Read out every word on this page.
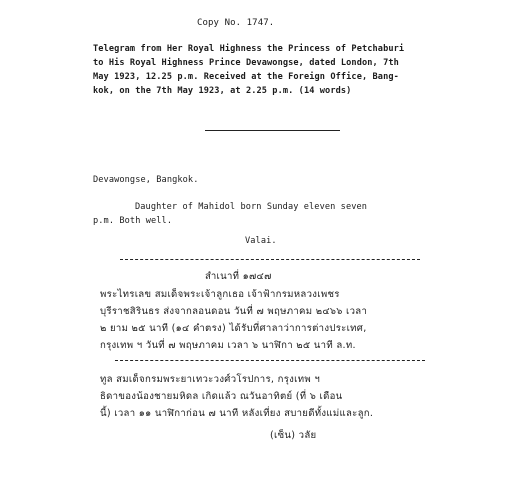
Copy No. 1747.
Telegram from Her Royal Highness the Princess of Petchaburi
to His Royal Highness Prince Devawongse, dated London, 7th
May 1923, 12.25 p.m. Received at the Foreign Office, Bang-
kok, on the 7th May 1923, at 2.25 p.m. (14 words)
Devawongse, Bangkok.
Daughter of Mahidol born Sunday eleven seven
p.m. Both well.
Valai.
สำเนาที่ ๑๗๔๗
พระไทรเลข สมเด็จพระเจ้าลูกเธอ เจ้าฟ้ากรมหลวงเพชร
บุรีราชสิรินธร ส่งจากลอนดอน วันที่ ๗ พฤษภาคม ๒๔๖๖ เวลา
๒ ยาม ๒๕ นาที (๑๔ คำตรง) ได้รับที่ศาลาว่าการต่างประเทศ,
กรุงเทพ ฯ วันที่ ๗ พฤษภาคม เวลา ๖ นาฬิกา ๒๕ นาที ล.ท.
ทูล สมเด็จกรมพระยาเทวะวงศ์วโรปการ, กรุงเทพ ฯ
ธิดาของน้องชายมหิดล เกิดแล้ว ณวันอาทิตย์ (ที่ ๖ เดือน
นี้) เวลา ๑๑ นาฬิกาก่อน ๗ นาที หลังเที่ยง สบายดีทั้งแม่และลูก.
(เซ็น) วลัย
